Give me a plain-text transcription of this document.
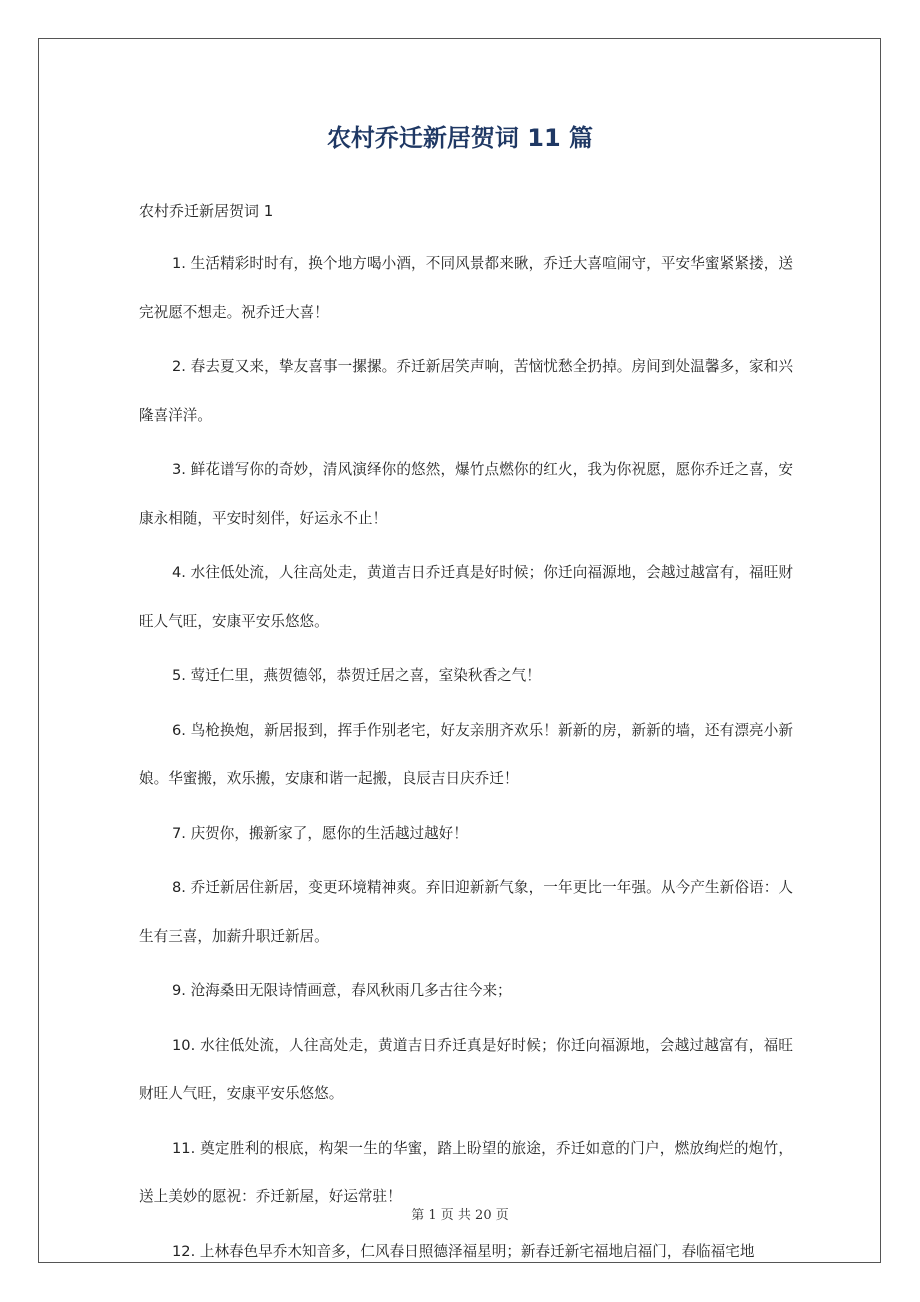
农村乔迁新居贺词 11 篇

农村乔迁新居贺词 1

1. 生活精彩时时有，换个地方喝小酒，不同风景都来瞅，乔迁大喜喧闹守，平安华蜜紧紧搂，送完祝愿不想走。祝乔迁大喜！

2. 春去夏又来，挚友喜事一摞摞。乔迁新居笑声响，苦恼忧愁全扔掉。房间到处温馨多，家和兴隆喜洋洋。

3. 鲜花谱写你的奇妙，清风演绎你的悠然，爆竹点燃你的红火，我为你祝愿，愿你乔迁之喜，安康永相随，平安时刻伴，好运永不止！

4. 水往低处流，人往高处走，黄道吉日乔迁真是好时候；你迁向福源地，会越过越富有，福旺财旺人气旺，安康平安乐悠悠。

5. 莺迁仁里，燕贺德邻，恭贺迁居之喜，室染秋香之气！

6. 鸟枪换炮，新居报到，挥手作别老宅，好友亲朋齐欢乐！新新的房，新新的墙，还有漂亮小新娘。华蜜搬，欢乐搬，安康和谐一起搬，良辰吉日庆乔迁！

7. 庆贺你，搬新家了，愿你的生活越过越好！

8. 乔迁新居住新居，变更环境精神爽。弃旧迎新新气象，一年更比一年强。从今产生新俗语：人生有三喜，加薪升职迁新居。

9. 沧海桑田无限诗情画意，春风秋雨几多古往今来；

10. 水往低处流，人往高处走，黄道吉日乔迁真是好时候；你迁向福源地，会越过越富有，福旺财旺人气旺，安康平安乐悠悠。

11. 奠定胜利的根底，构架一生的华蜜，踏上盼望的旅途，乔迁如意的门户，燃放绚烂的炮竹，送上美妙的愿祝：乔迁新屋，好运常驻！

12. 上林春色早乔木知音多，仁风春日照德泽福星明；新春迁新宅福地启福门，春临福宅地

第 1 页 共 20 页
